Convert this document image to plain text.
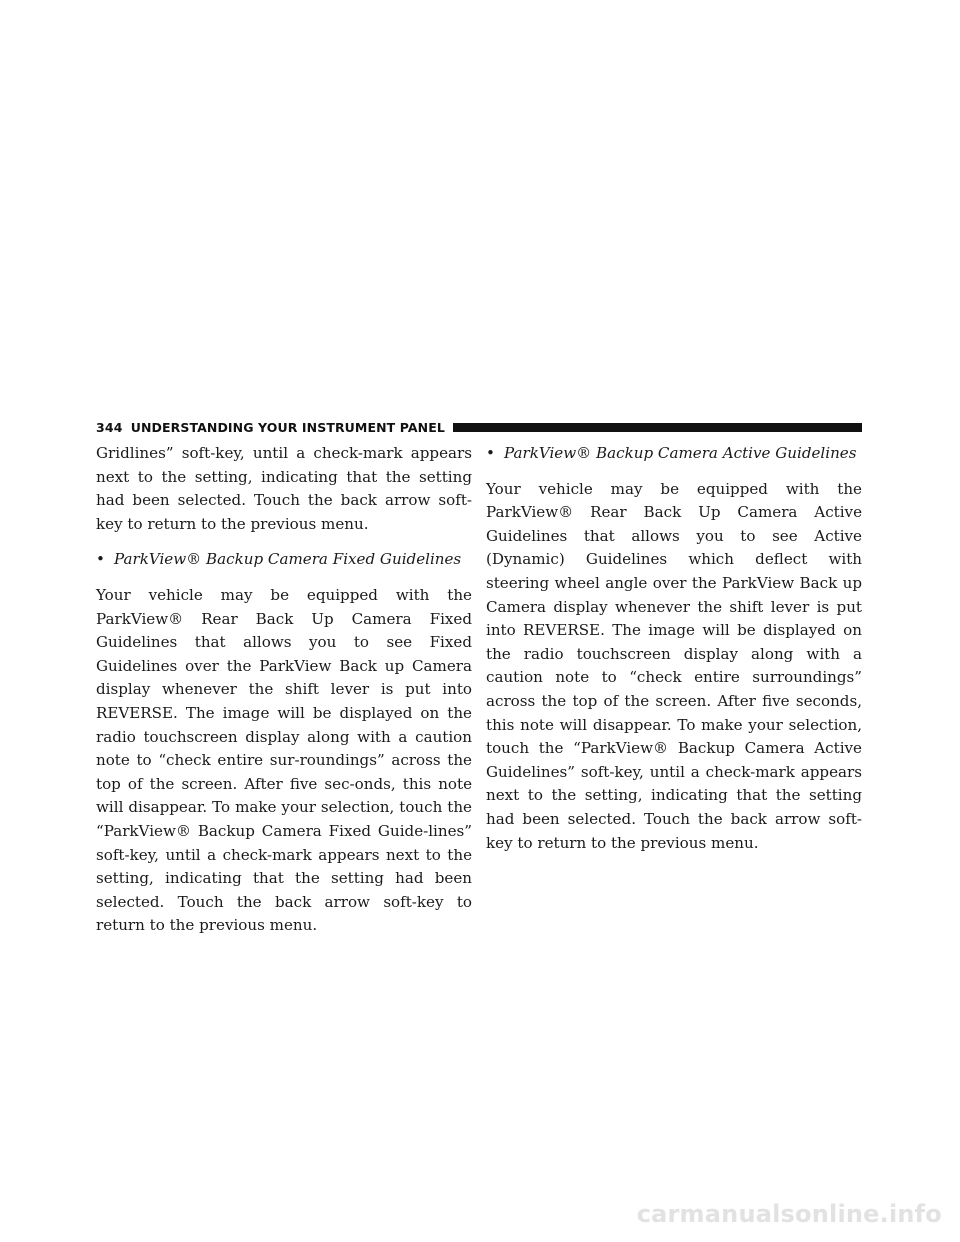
344 UNDERSTANDING YOUR INSTRUMENT PANEL

Gridlines” soft-key, until a check-mark appears next to the setting, indicating that the setting had been selected. Touch the back arrow soft-key to return to the previous menu.

• ParkView® Backup Camera Fixed Guidelines

Your vehicle may be equipped with the ParkView® Rear Back Up Camera Fixed Guidelines that allows you to see Fixed Guidelines over the ParkView Back up Camera display whenever the shift lever is put into REVERSE. The image will be displayed on the radio touchscreen display along with a caution note to “check entire sur-roundings” across the top of the screen. After five sec-onds, this note will disappear. To make your selection, touch the “ParkView® Backup Camera Fixed Guide-lines” soft-key, until a check-mark appears next to the setting, indicating that the setting had been selected. Touch the back arrow soft-key to return to the previous menu.

• ParkView® Backup Camera Active Guidelines

Your vehicle may be equipped with the ParkView® Rear Back Up Camera Active Guidelines that allows you to see Active (Dynamic) Guidelines which deflect with steering wheel angle over the ParkView Back up Camera display whenever the shift lever is put into REVERSE. The image will be displayed on the radio touchscreen display along with a caution note to “check entire surroundings” across the top of the screen. After five seconds, this note will disappear. To make your selection, touch the “ParkView® Backup Camera Active Guidelines” soft-key, until a check-mark appears next to the setting, indicating that the setting had been selected. Touch the back arrow soft-key to return to the previous menu.

carmanualsonline.info
